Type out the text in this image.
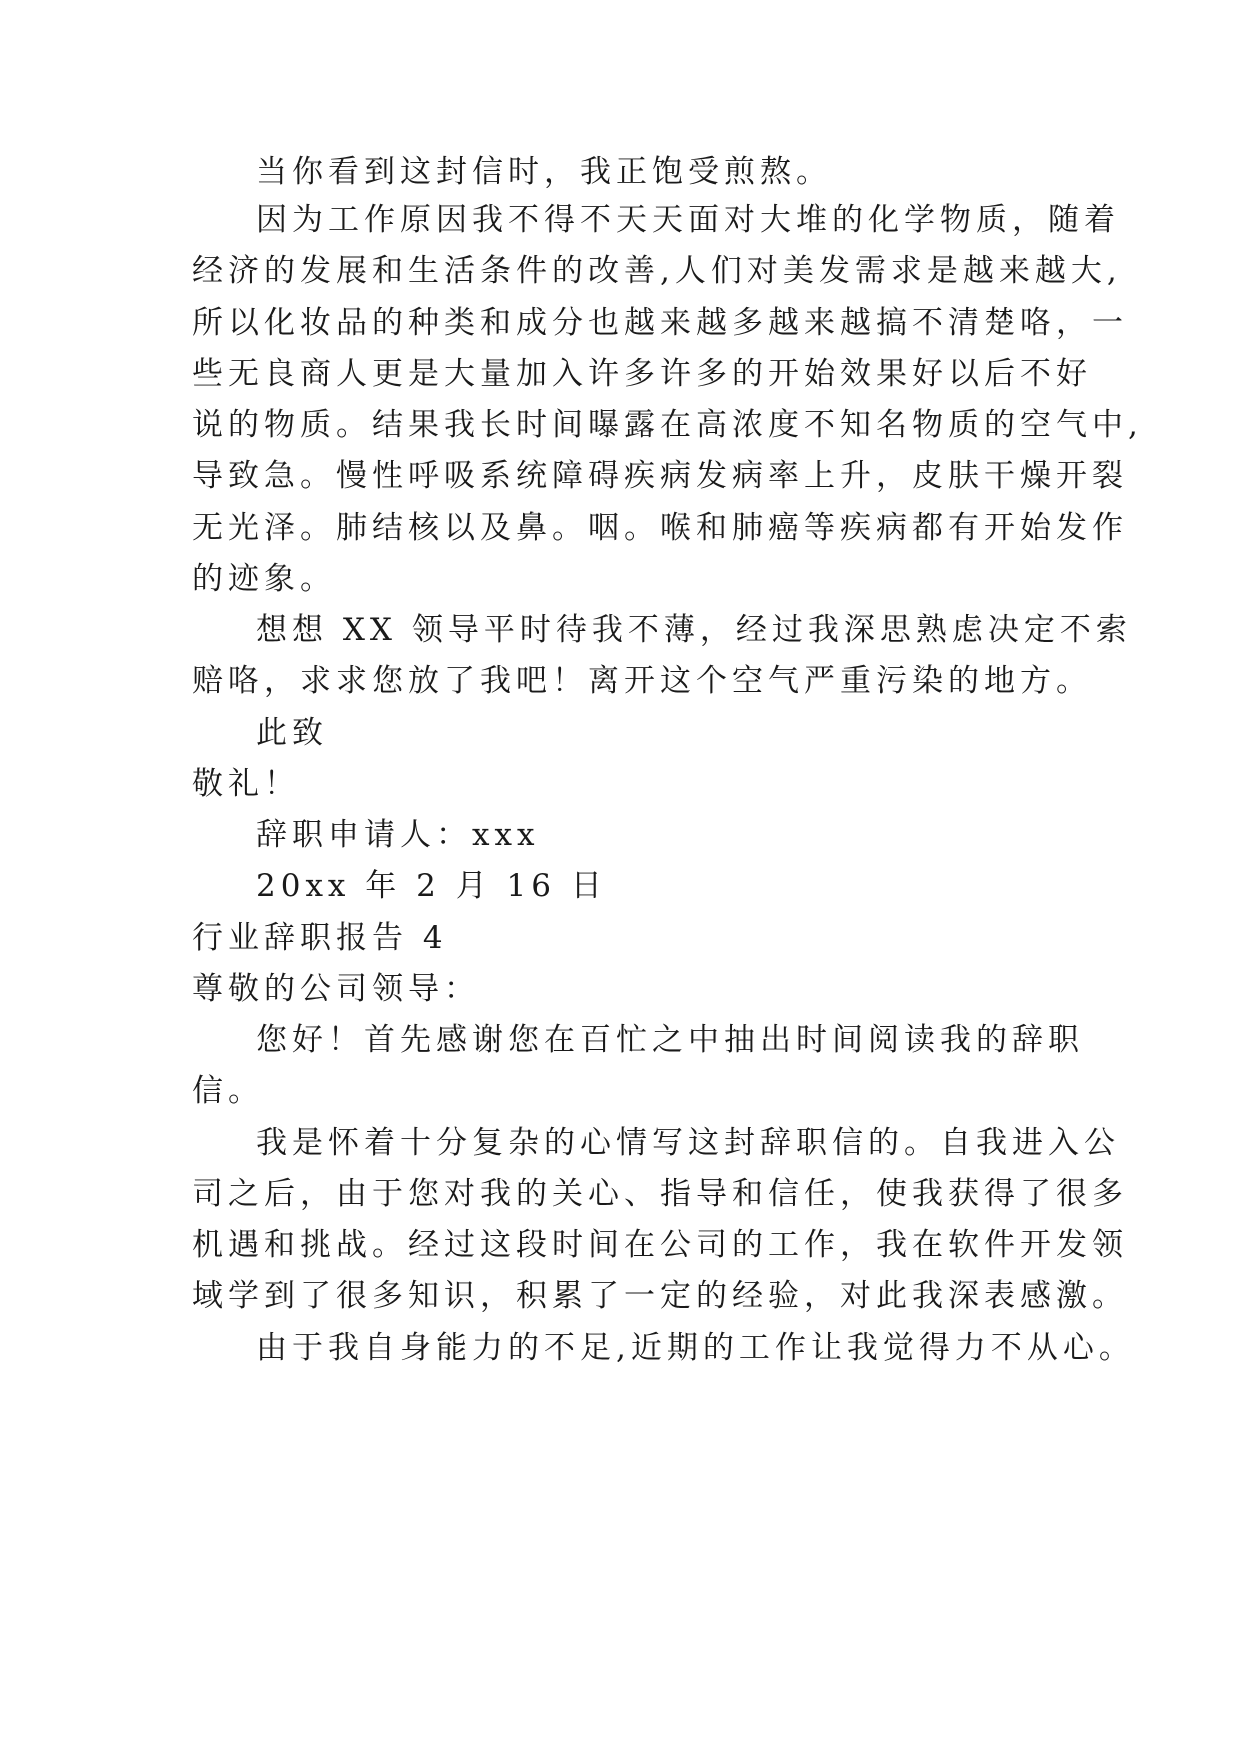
当你看到这封信时，我正饱受煎熬。
因为工作原因我不得不天天面对大堆的化学物质，随着
经济的发展和生活条件的改善,人们对美发需求是越来越大,
所以化妆品的种类和成分也越来越多越来越搞不清楚咯，一
些无良商人更是大量加入许多许多的开始效果好以后不好
说的物质。结果我长时间曝露在高浓度不知名物质的空气中,
导致急。慢性呼吸系统障碍疾病发病率上升，皮肤干燥开裂
无光泽。肺结核以及鼻。咽。喉和肺癌等疾病都有开始发作
的迹象。
想想 XX 领导平时待我不薄，经过我深思熟虑决定不索
赔咯，求求您放了我吧！离开这个空气严重污染的地方。
此致
敬礼！
辞职申请人：xxx
20xx 年 2 月 16 日
行业辞职报告 4
尊敬的公司领导：
您好！首先感谢您在百忙之中抽出时间阅读我的辞职
信。
我是怀着十分复杂的心情写这封辞职信的。自我进入公
司之后，由于您对我的关心、指导和信任，使我获得了很多
机遇和挑战。经过这段时间在公司的工作，我在软件开发领
域学到了很多知识，积累了一定的经验，对此我深表感激。
由于我自身能力的不足,近期的工作让我觉得力不从心。
